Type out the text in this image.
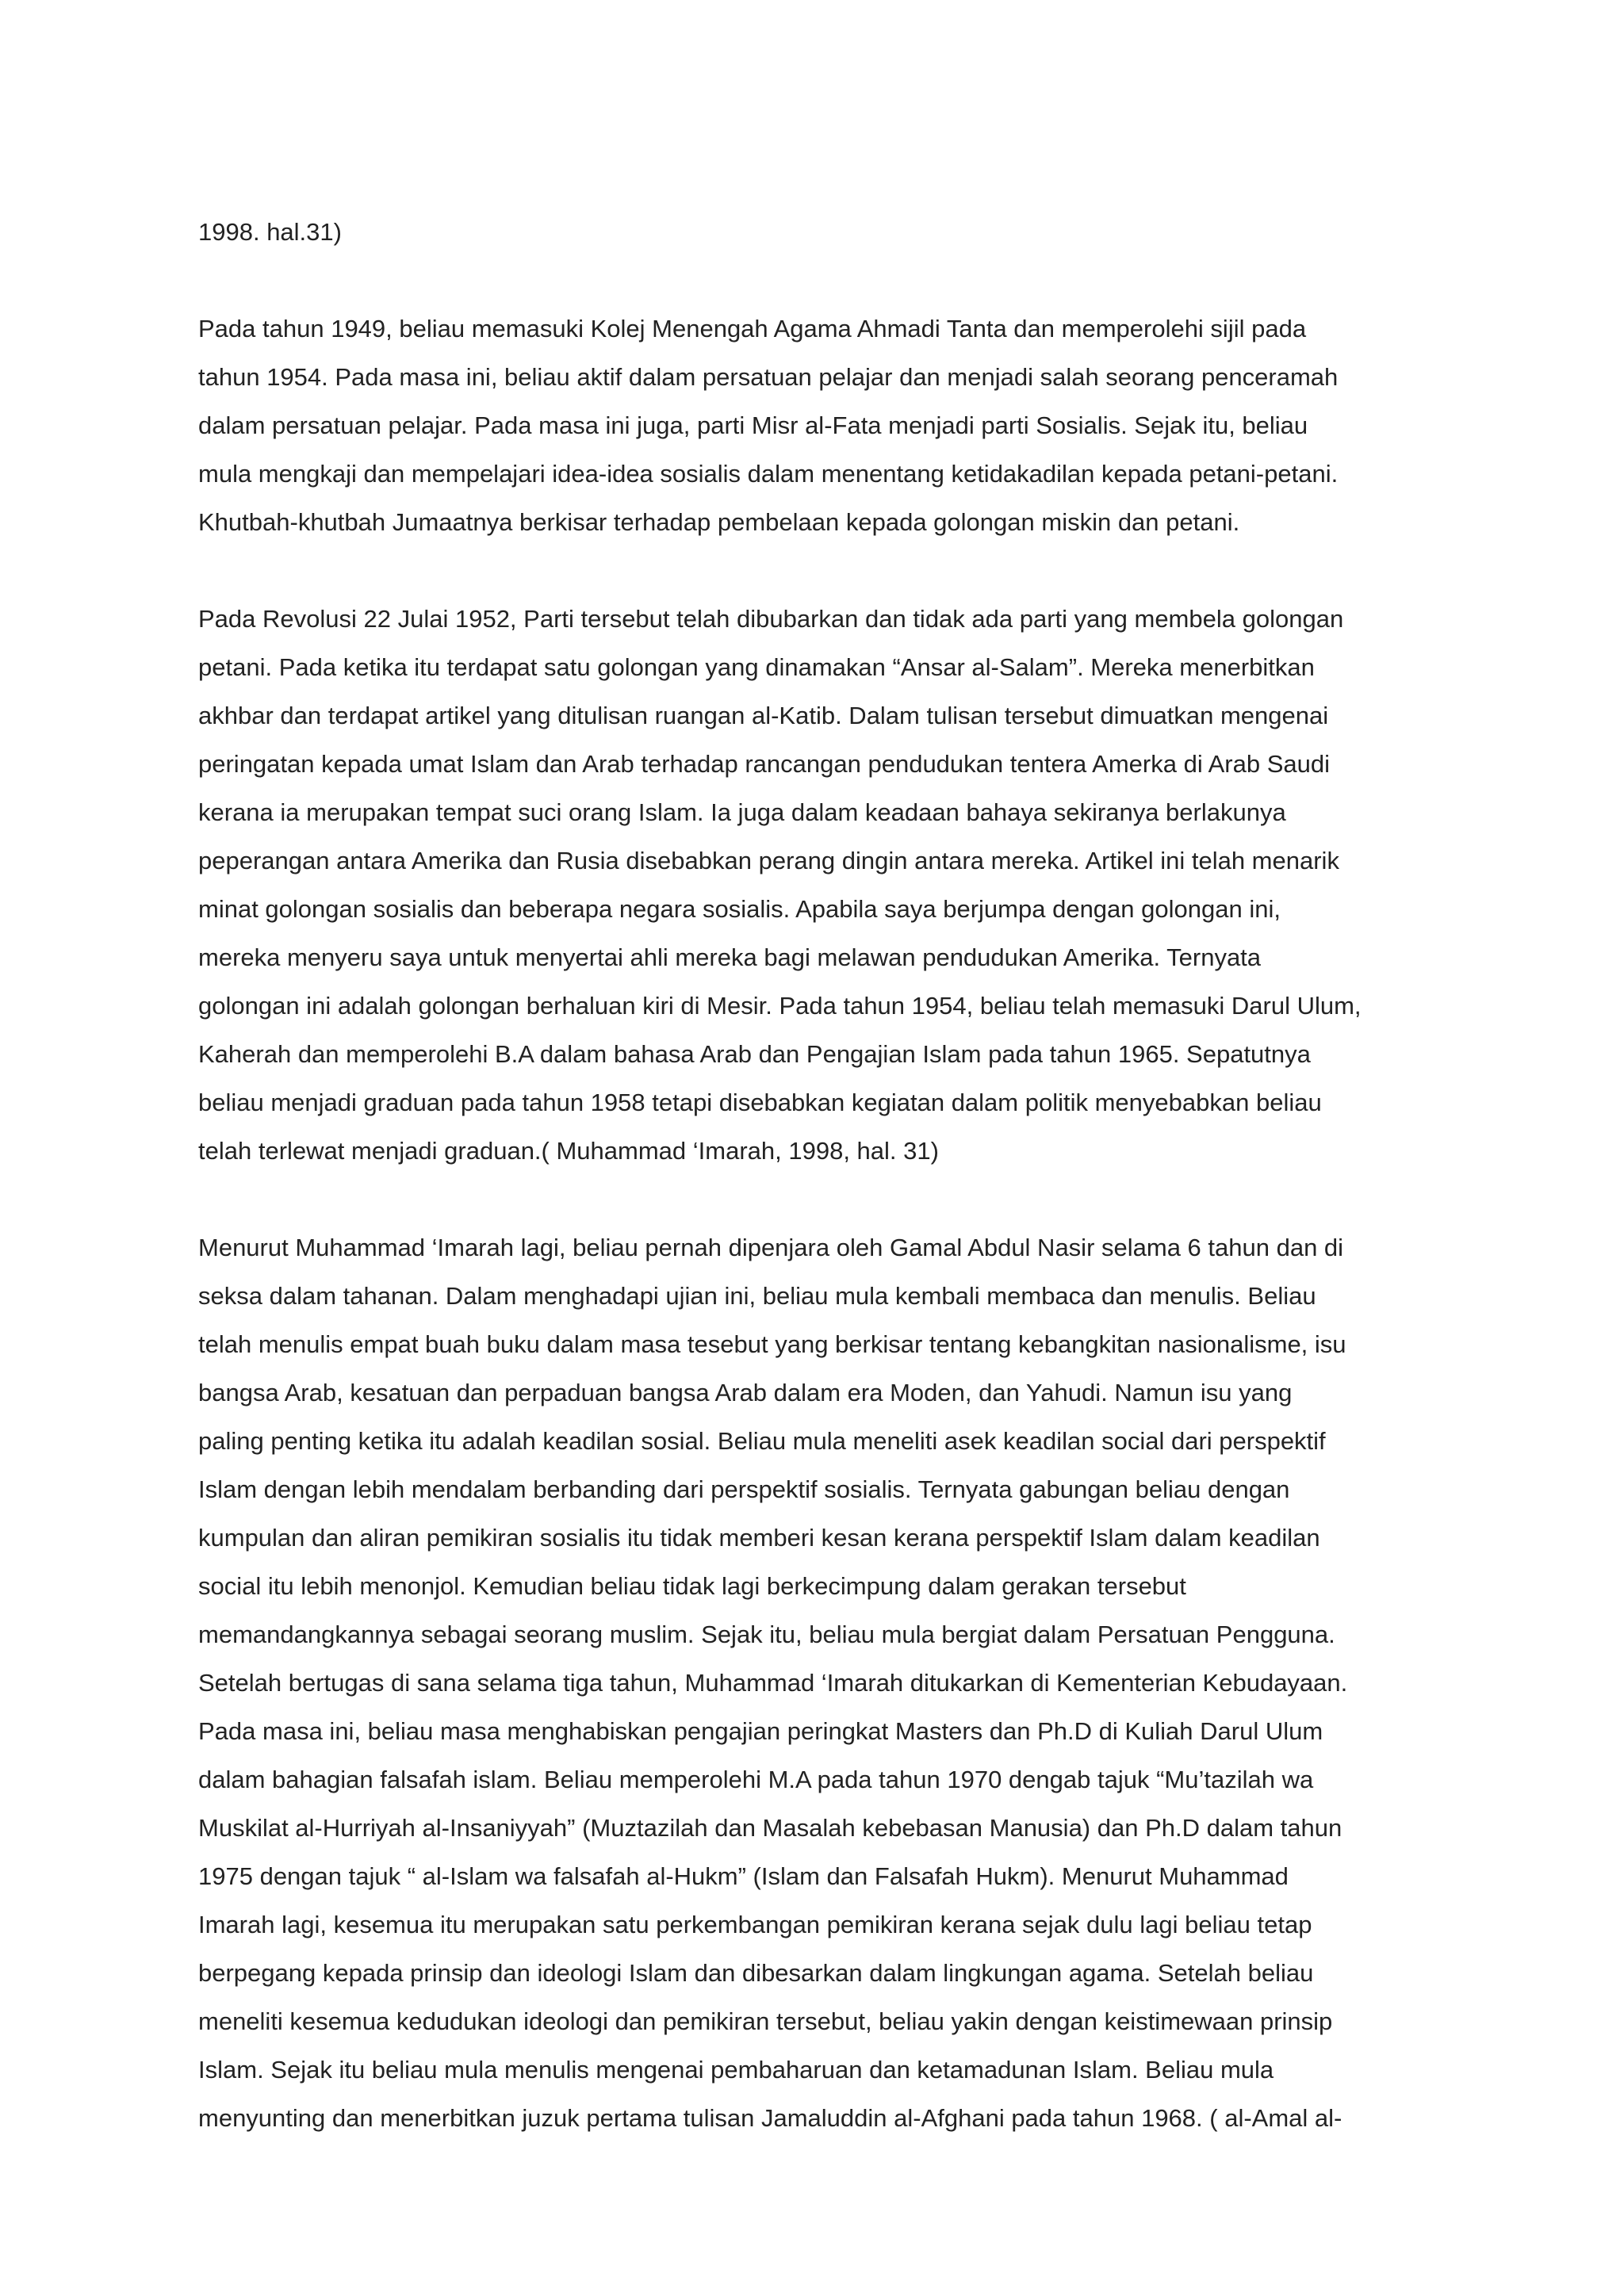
1998. hal.31)
Pada tahun 1949, beliau memasuki Kolej Menengah Agama Ahmadi Tanta dan memperolehi sijil pada
tahun 1954. Pada masa ini, beliau aktif dalam persatuan pelajar dan menjadi salah seorang penceramah
dalam persatuan pelajar. Pada masa ini juga, parti Misr al-Fata menjadi parti Sosialis. Sejak itu, beliau
mula mengkaji dan mempelajari idea-idea sosialis dalam menentang ketidakadilan kepada petani-petani.
Khutbah-khutbah Jumaatnya berkisar terhadap pembelaan kepada golongan miskin dan petani.
Pada Revolusi 22 Julai 1952, Parti tersebut telah dibubarkan dan tidak ada parti yang membela golongan
petani. Pada ketika itu terdapat satu golongan yang dinamakan “Ansar al-Salam”. Mereka menerbitkan
akhbar dan terdapat artikel yang ditulisan ruangan al-Katib. Dalam tulisan tersebut dimuatkan mengenai
peringatan kepada umat Islam dan Arab terhadap rancangan pendudukan tentera Amerka di Arab Saudi
kerana ia merupakan tempat suci orang Islam. Ia juga dalam keadaan bahaya sekiranya berlakunya
peperangan antara Amerika dan Rusia disebabkan perang dingin antara mereka. Artikel ini telah menarik
minat golongan sosialis dan beberapa negara sosialis. Apabila saya berjumpa dengan golongan ini,
mereka menyeru saya untuk menyertai ahli mereka bagi melawan pendudukan Amerika. Ternyata
golongan ini adalah golongan berhaluan kiri di Mesir. Pada tahun 1954, beliau telah memasuki Darul Ulum,
Kaherah dan memperolehi B.A dalam bahasa Arab dan Pengajian Islam pada tahun 1965. Sepatutnya
beliau menjadi graduan pada tahun 1958 tetapi disebabkan kegiatan dalam politik menyebabkan beliau
telah terlewat menjadi graduan.( Muhammad ‘Imarah, 1998, hal. 31)
Menurut Muhammad ‘Imarah lagi, beliau pernah dipenjara oleh Gamal Abdul Nasir selama 6 tahun dan di
seksa dalam tahanan. Dalam menghadapi ujian ini, beliau mula kembali membaca dan menulis. Beliau
telah menulis empat buah buku dalam masa tesebut yang berkisar tentang kebangkitan nasionalisme, isu
bangsa Arab, kesatuan dan perpaduan bangsa Arab dalam era Moden, dan Yahudi. Namun isu yang
paling penting ketika itu adalah keadilan sosial. Beliau mula meneliti asek keadilan social dari perspektif
Islam dengan lebih mendalam berbanding dari perspektif sosialis. Ternyata gabungan beliau dengan
kumpulan dan aliran pemikiran sosialis itu tidak memberi kesan kerana perspektif Islam dalam keadilan
social itu lebih menonjol. Kemudian beliau tidak lagi berkecimpung dalam gerakan tersebut
memandangkannya sebagai seorang muslim. Sejak itu, beliau mula bergiat dalam Persatuan Pengguna.
Setelah bertugas di sana selama tiga tahun, Muhammad ‘Imarah ditukarkan di Kementerian Kebudayaan.
Pada masa ini, beliau masa menghabiskan pengajian peringkat Masters dan Ph.D di Kuliah Darul Ulum
dalam bahagian falsafah islam. Beliau memperolehi M.A pada tahun 1970 dengab tajuk “Mu’tazilah wa
Muskilat al-Hurriyah al-Insaniyyah” (Muztazilah dan Masalah kebebasan Manusia) dan Ph.D dalam tahun
1975 dengan tajuk “ al-Islam wa falsafah al-Hukm” (Islam dan Falsafah Hukm). Menurut Muhammad
Imarah lagi, kesemua itu merupakan satu perkembangan pemikiran kerana sejak dulu lagi beliau tetap
berpegang kepada prinsip dan ideologi Islam dan dibesarkan dalam lingkungan agama. Setelah beliau
meneliti kesemua kedudukan ideologi dan pemikiran tersebut, beliau yakin dengan keistimewaan prinsip
Islam. Sejak itu beliau mula menulis mengenai pembaharuan dan ketamadunan Islam. Beliau mula
menyunting dan menerbitkan juzuk pertama tulisan Jamaluddin al-Afghani pada tahun 1968. ( al-Amal al-
